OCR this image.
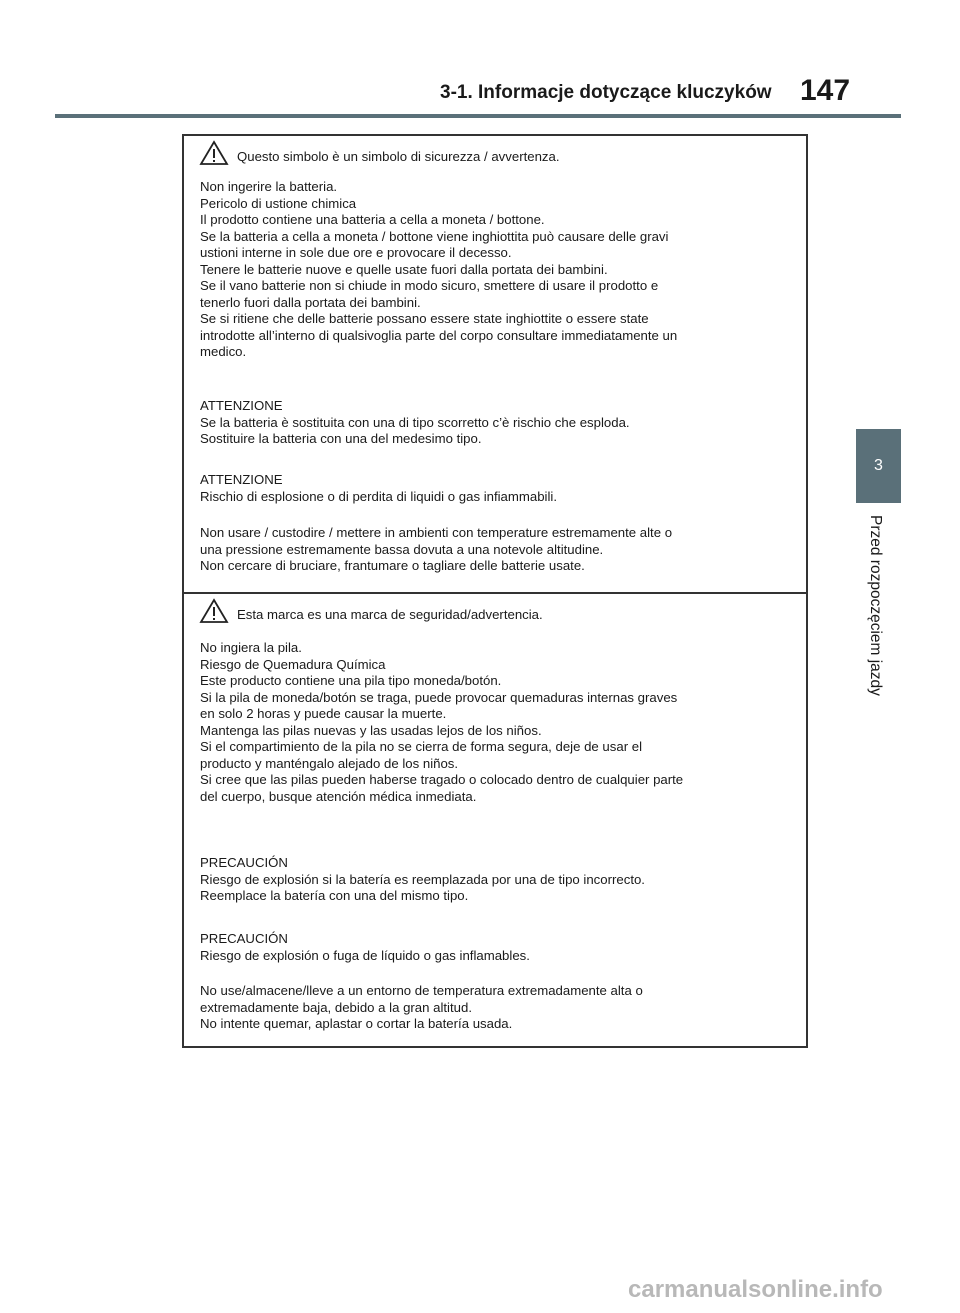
3-1. Informacje dotyczące kluczyków 147
3
Przed rozpoczęciem jazdy
Questo simbolo è un simbolo di sicurezza / avvertenza.
Non ingerire la batteria.
Pericolo di ustione chimica
Il prodotto contiene una batteria a cella a moneta / bottone.
Se la batteria a cella a moneta / bottone viene inghiottita può causare delle gravi
ustioni interne in sole due ore e provocare il decesso.
Tenere le batterie nuove e quelle usate fuori dalla portata dei bambini.
Se il vano batterie non si chiude in modo sicuro, smettere di usare il prodotto e
tenerlo fuori dalla portata dei bambini.
Se si ritiene che delle batterie possano essere state inghiottite o essere state
introdotte all’interno di qualsivoglia parte del corpo consultare immediatamente un
medico.
ATTENZIONE
Se la batteria è sostituita con una di tipo scorretto c’è rischio che esploda.
Sostituire la batteria con una del medesimo tipo.
ATTENZIONE
Rischio di esplosione o di perdita di liquidi o gas infiammabili.
Non usare / custodire / mettere in ambienti con temperature estremamente alte o
una pressione estremamente bassa dovuta a una notevole altitudine.
Non cercare di bruciare, frantumare o tagliare delle batterie usate.
Esta marca es una marca de seguridad/advertencia.
No ingiera la pila.
Riesgo de Quemadura Química
Este producto contiene una pila tipo moneda/botón.
Si la pila de moneda/botón se traga, puede provocar quemaduras internas graves
en solo 2 horas y puede causar la muerte.
Mantenga las pilas nuevas y las usadas lejos de los niños.
Si el compartimiento de la pila no se cierra de forma segura, deje de usar el
producto y manténgalo alejado de los niños.
Si cree que las pilas pueden haberse tragado o colocado dentro de cualquier parte
del cuerpo, busque atención médica inmediata.
PRECAUCIÓN
Riesgo de explosión si la batería es reemplazada por una de tipo incorrecto.
Reemplace la batería con una del mismo tipo.
PRECAUCIÓN
Riesgo de explosión o fuga de líquido o gas inflamables.
No use/almacene/lleve a un entorno de temperatura extremadamente alta o
extremadamente baja, debido a la gran altitud.
No intente quemar, aplastar o cortar la batería usada.
carmanualsonline.info
